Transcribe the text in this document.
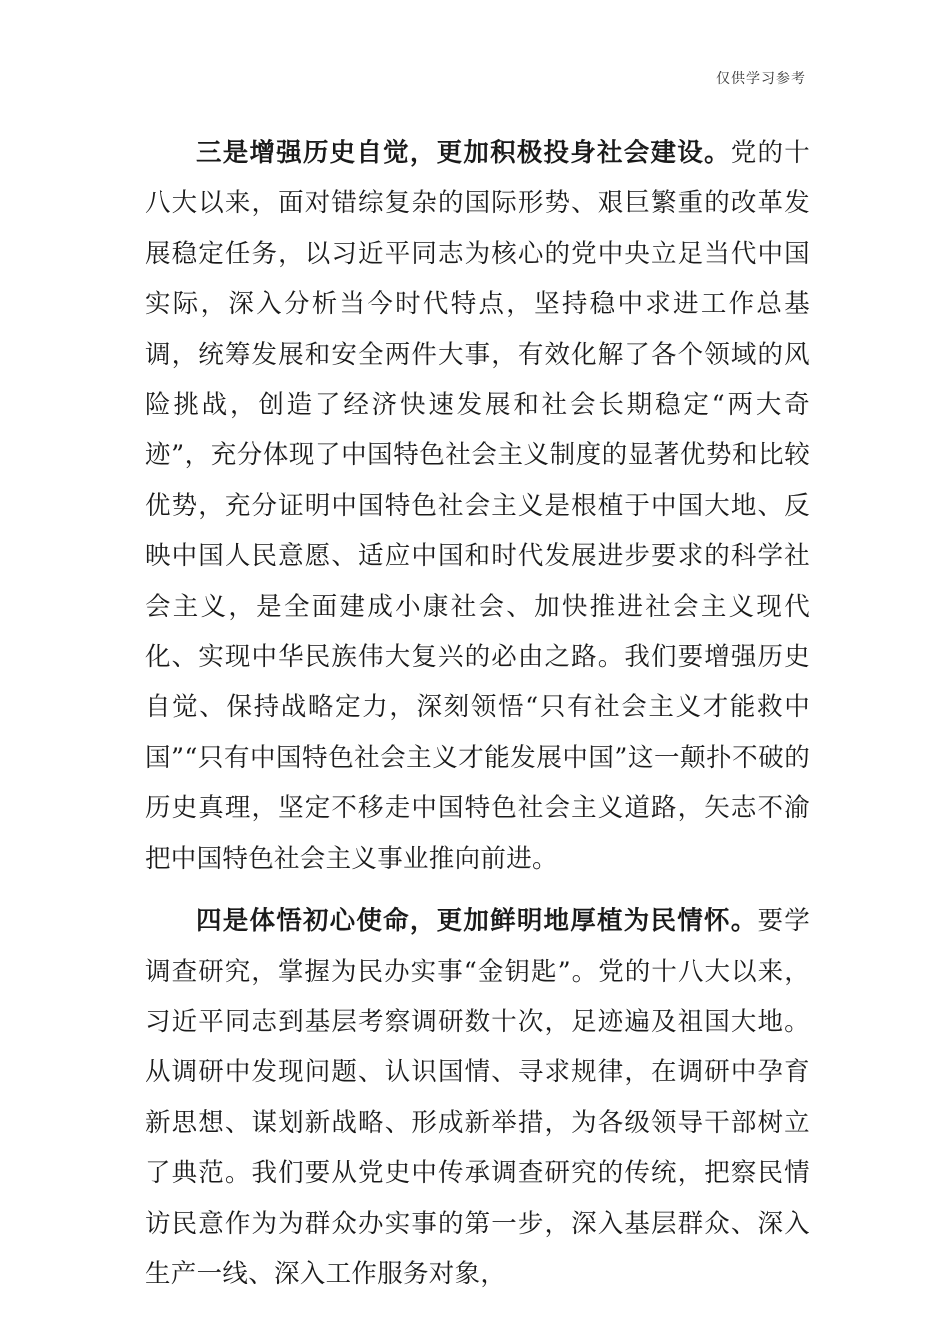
仅供学习参考

三是增强历史自觉，更加积极投身社会建设。党的十八大以来，面对错综复杂的国际形势、艰巨繁重的改革发展稳定任务，以习近平同志为核心的党中央立足当代中国实际，深入分析当今时代特点，坚持稳中求进工作总基调，统筹发展和安全两件大事，有效化解了各个领域的风险挑战，创造了经济快速发展和社会长期稳定“两大奇迹”，充分体现了中国特色社会主义制度的显著优势和比较优势，充分证明中国特色社会主义是根植于中国大地、反映中国人民意愿、适应中国和时代发展进步要求的科学社会主义，是全面建成小康社会、加快推进社会主义现代化、实现中华民族伟大复兴的必由之路。我们要增强历史自觉、保持战略定力，深刻领悟“只有社会主义才能救中国”“只有中国特色社会主义才能发展中国”这一颠扑不破的历史真理，坚定不移走中国特色社会主义道路，矢志不渝把中国特色社会主义事业推向前进。

四是体悟初心使命，更加鲜明地厚植为民情怀。要学调查研究，掌握为民办实事“金钥匙”。党的十八大以来，习近平同志到基层考察调研数十次，足迹遍及祖国大地。从调研中发现问题、认识国情、寻求规律，在调研中孕育新思想、谋划新战略、形成新举措，为各级领导干部树立了典范。我们要从党史中传承调查研究的传统，把察民情访民意作为为群众办实事的第一步，深入基层群众、深入生产一线、深入工作服务对象，
